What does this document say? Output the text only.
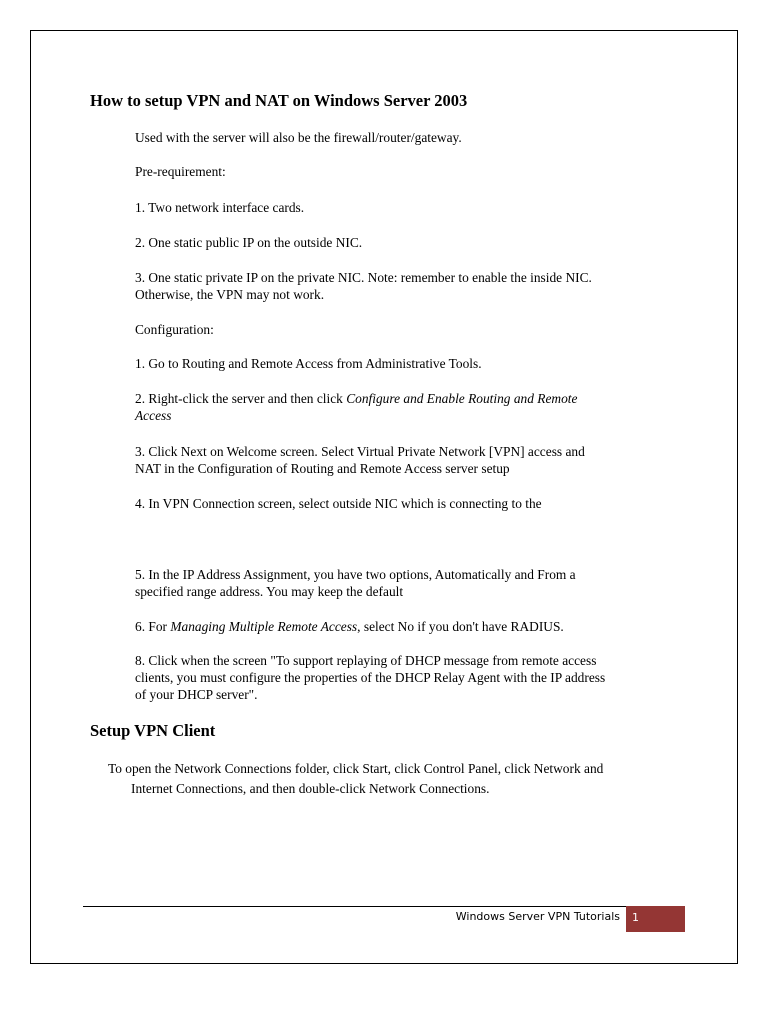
How to setup VPN and NAT on Windows Server 2003
Used with the server will also be the firewall/router/gateway.
Pre-requirement:
1. Two network interface cards.
2. One static public IP on the outside NIC.
3. One static private IP on the private NIC. Note: remember to enable the inside NIC.
Otherwise, the VPN may not work.
Configuration:
1. Go to Routing and Remote Access from Administrative Tools.
2. Right-click the server and then click Configure and Enable Routing and Remote
Access
3. Click Next on Welcome screen. Select Virtual Private Network [VPN] access and
NAT in the Configuration of Routing and Remote Access server setup
4. In VPN Connection screen, select outside NIC which is connecting to the
5. In the IP Address Assignment, you have two options, Automatically and From a
specified range address. You may keep the default
6. For Managing Multiple Remote Access, select No if you don't have RADIUS.
8. Click when the screen "To support replaying of DHCP message from remote access
clients, you must configure the properties of the DHCP Relay Agent with the IP address
of your DHCP server".
Setup VPN Client
To open the Network Connections folder, click Start, click Control Panel, click Network and
Internet Connections, and then double-click Network Connections.
Windows Server VPN Tutorials	1
